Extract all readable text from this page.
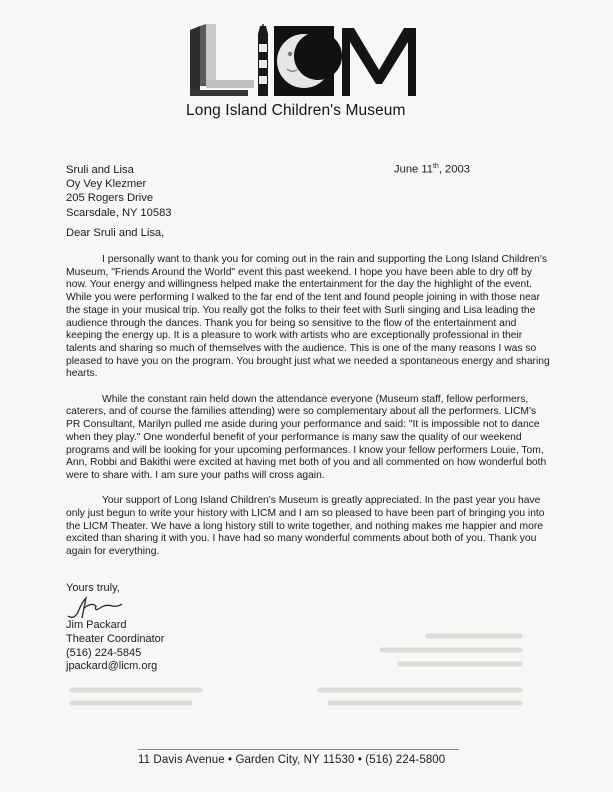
Long Island Children's Museum
Sruli and Lisa
Oy Vey Klezmer
205 Rogers Drive
Scarsdale, NY 10583
June 11th, 2003
Dear Sruli and Lisa,

I personally want to thank you for coming out in the rain and supporting the Long Island Children's Museum, "Friends Around the World" event this past weekend. I hope you have been able to dry off by now. Your energy and willingness helped make the entertainment for the day the highlight of the event. While you were performing I walked to the far end of the tent and found people joining in with those near the stage in your musical trip. You really got the folks to their feet with Surli singing and Lisa leading the audience through the dances. Thank you for being so sensitive to the flow of the entertainment and keeping the energy up. It is a pleasure to work with artists who are exceptionally professional in their talents and sharing so much of themselves with the audience. This is one of the many reasons I was so pleased to have you on the program. You brought just what we needed a spontaneous energy and sharing hearts.

While the constant rain held down the attendance everyone (Museum staff, fellow performers, caterers, and of course the families attending) were so complementary about all the performers. LICM's PR Consultant, Marilyn pulled me aside during your performance and said: "It is impossible not to dance when they play." One wonderful benefit of your performance is many saw the quality of our weekend programs and will be looking for your upcoming performances. I know your fellow performers Louie, Tom, Ann, Robbi and Bakithi were excited at having met both of you and all commented on how wonderful both were to share with. I am sure your paths will cross again.

Your support of Long Island Children's Museum is greatly appreciated. In the past year you have only just begun to write your history with LICM and I am so pleased to have been part of bringing you into the LICM Theater. We have a long history still to write together, and nothing makes me happier and more excited than sharing it with you. I have had so many wonderful comments about both of you. Thank you again for everything.

Yours truly,
Jim Packard
Theater Coordinator
(516) 224-5845
jpackard@licm.org
11 Davis Avenue • Garden City, NY 11530 • (516) 224-5800
